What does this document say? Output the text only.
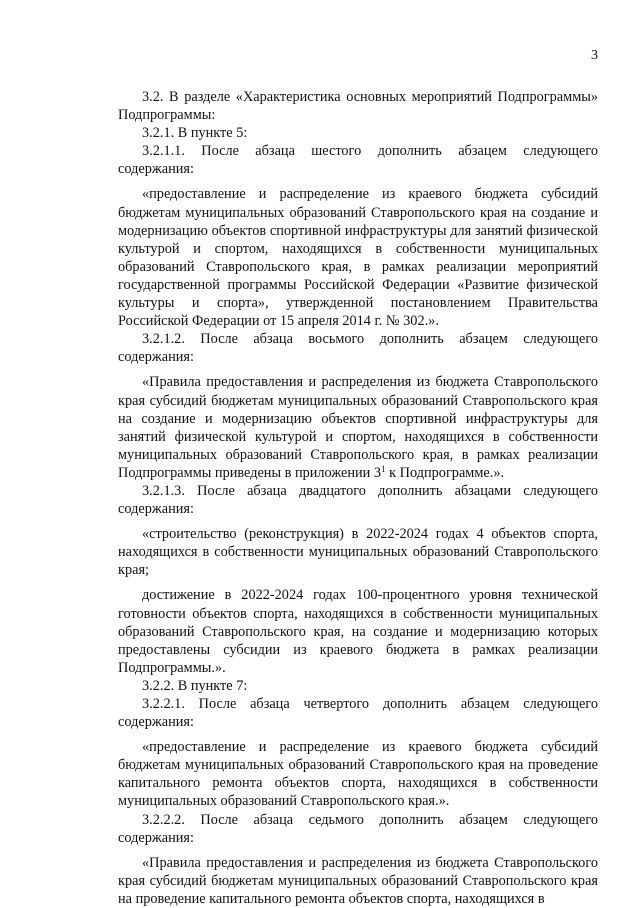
3

3.2. В разделе «Характеристика основных мероприятий Подпрограммы» Подпрограммы:

3.2.1. В пункте 5:

3.2.1.1. После абзаца шестого дополнить абзацем следующего содержания:

«предоставление и распределение из краевого бюджета субсидий бюджетам муниципальных образований Ставропольского края на создание и модернизацию объектов спортивной инфраструктуры для занятий физической культурой и спортом, находящихся в собственности муниципальных образований Ставропольского края, в рамках реализации мероприятий государственной программы Российской Федерации «Развитие физической культуры и спорта», утвержденной постановлением Правительства Российской Федерации от 15 апреля 2014 г. № 302.».

3.2.1.2. После абзаца восьмого дополнить абзацем следующего содержания:

«Правила предоставления и распределения из бюджета Ставропольского края субсидий бюджетам муниципальных образований Ставропольского края на создание и модернизацию объектов спортивной инфраструктуры для занятий физической культурой и спортом, находящихся в собственности муниципальных образований Ставропольского края, в рамках реализации Подпрограммы приведены в приложении $3^1$ к Подпрограмме.».

3.2.1.3. После абзаца двадцатого дополнить абзацами следующего содержания:

«строительство (реконструкция) в 2022-2024 годах 4 объектов спорта, находящихся в собственности муниципальных образований Ставропольского края;

достижение в 2022-2024 годах 100-процентного уровня технической готовности объектов спорта, находящихся в собственности муниципальных образований Ставропольского края, на создание и модернизацию которых предоставлены субсидии из краевого бюджета в рамках реализации Подпрограммы.».

3.2.2. В пункте 7:

3.2.2.1. После абзаца четвертого дополнить абзацем следующего содержания:

«предоставление и распределение из краевого бюджета субсидий бюджетам муниципальных образований Ставропольского края на проведение капитального ремонта объектов спорта, находящихся в собственности муниципальных образований Ставропольского края.».

3.2.2.2. После абзаца седьмого дополнить абзацем следующего содержания:

«Правила предоставления и распределения из бюджета Ставропольского края субсидий бюджетам муниципальных образований Ставропольского края на проведение капитального ремонта объектов спорта, находящихся в
